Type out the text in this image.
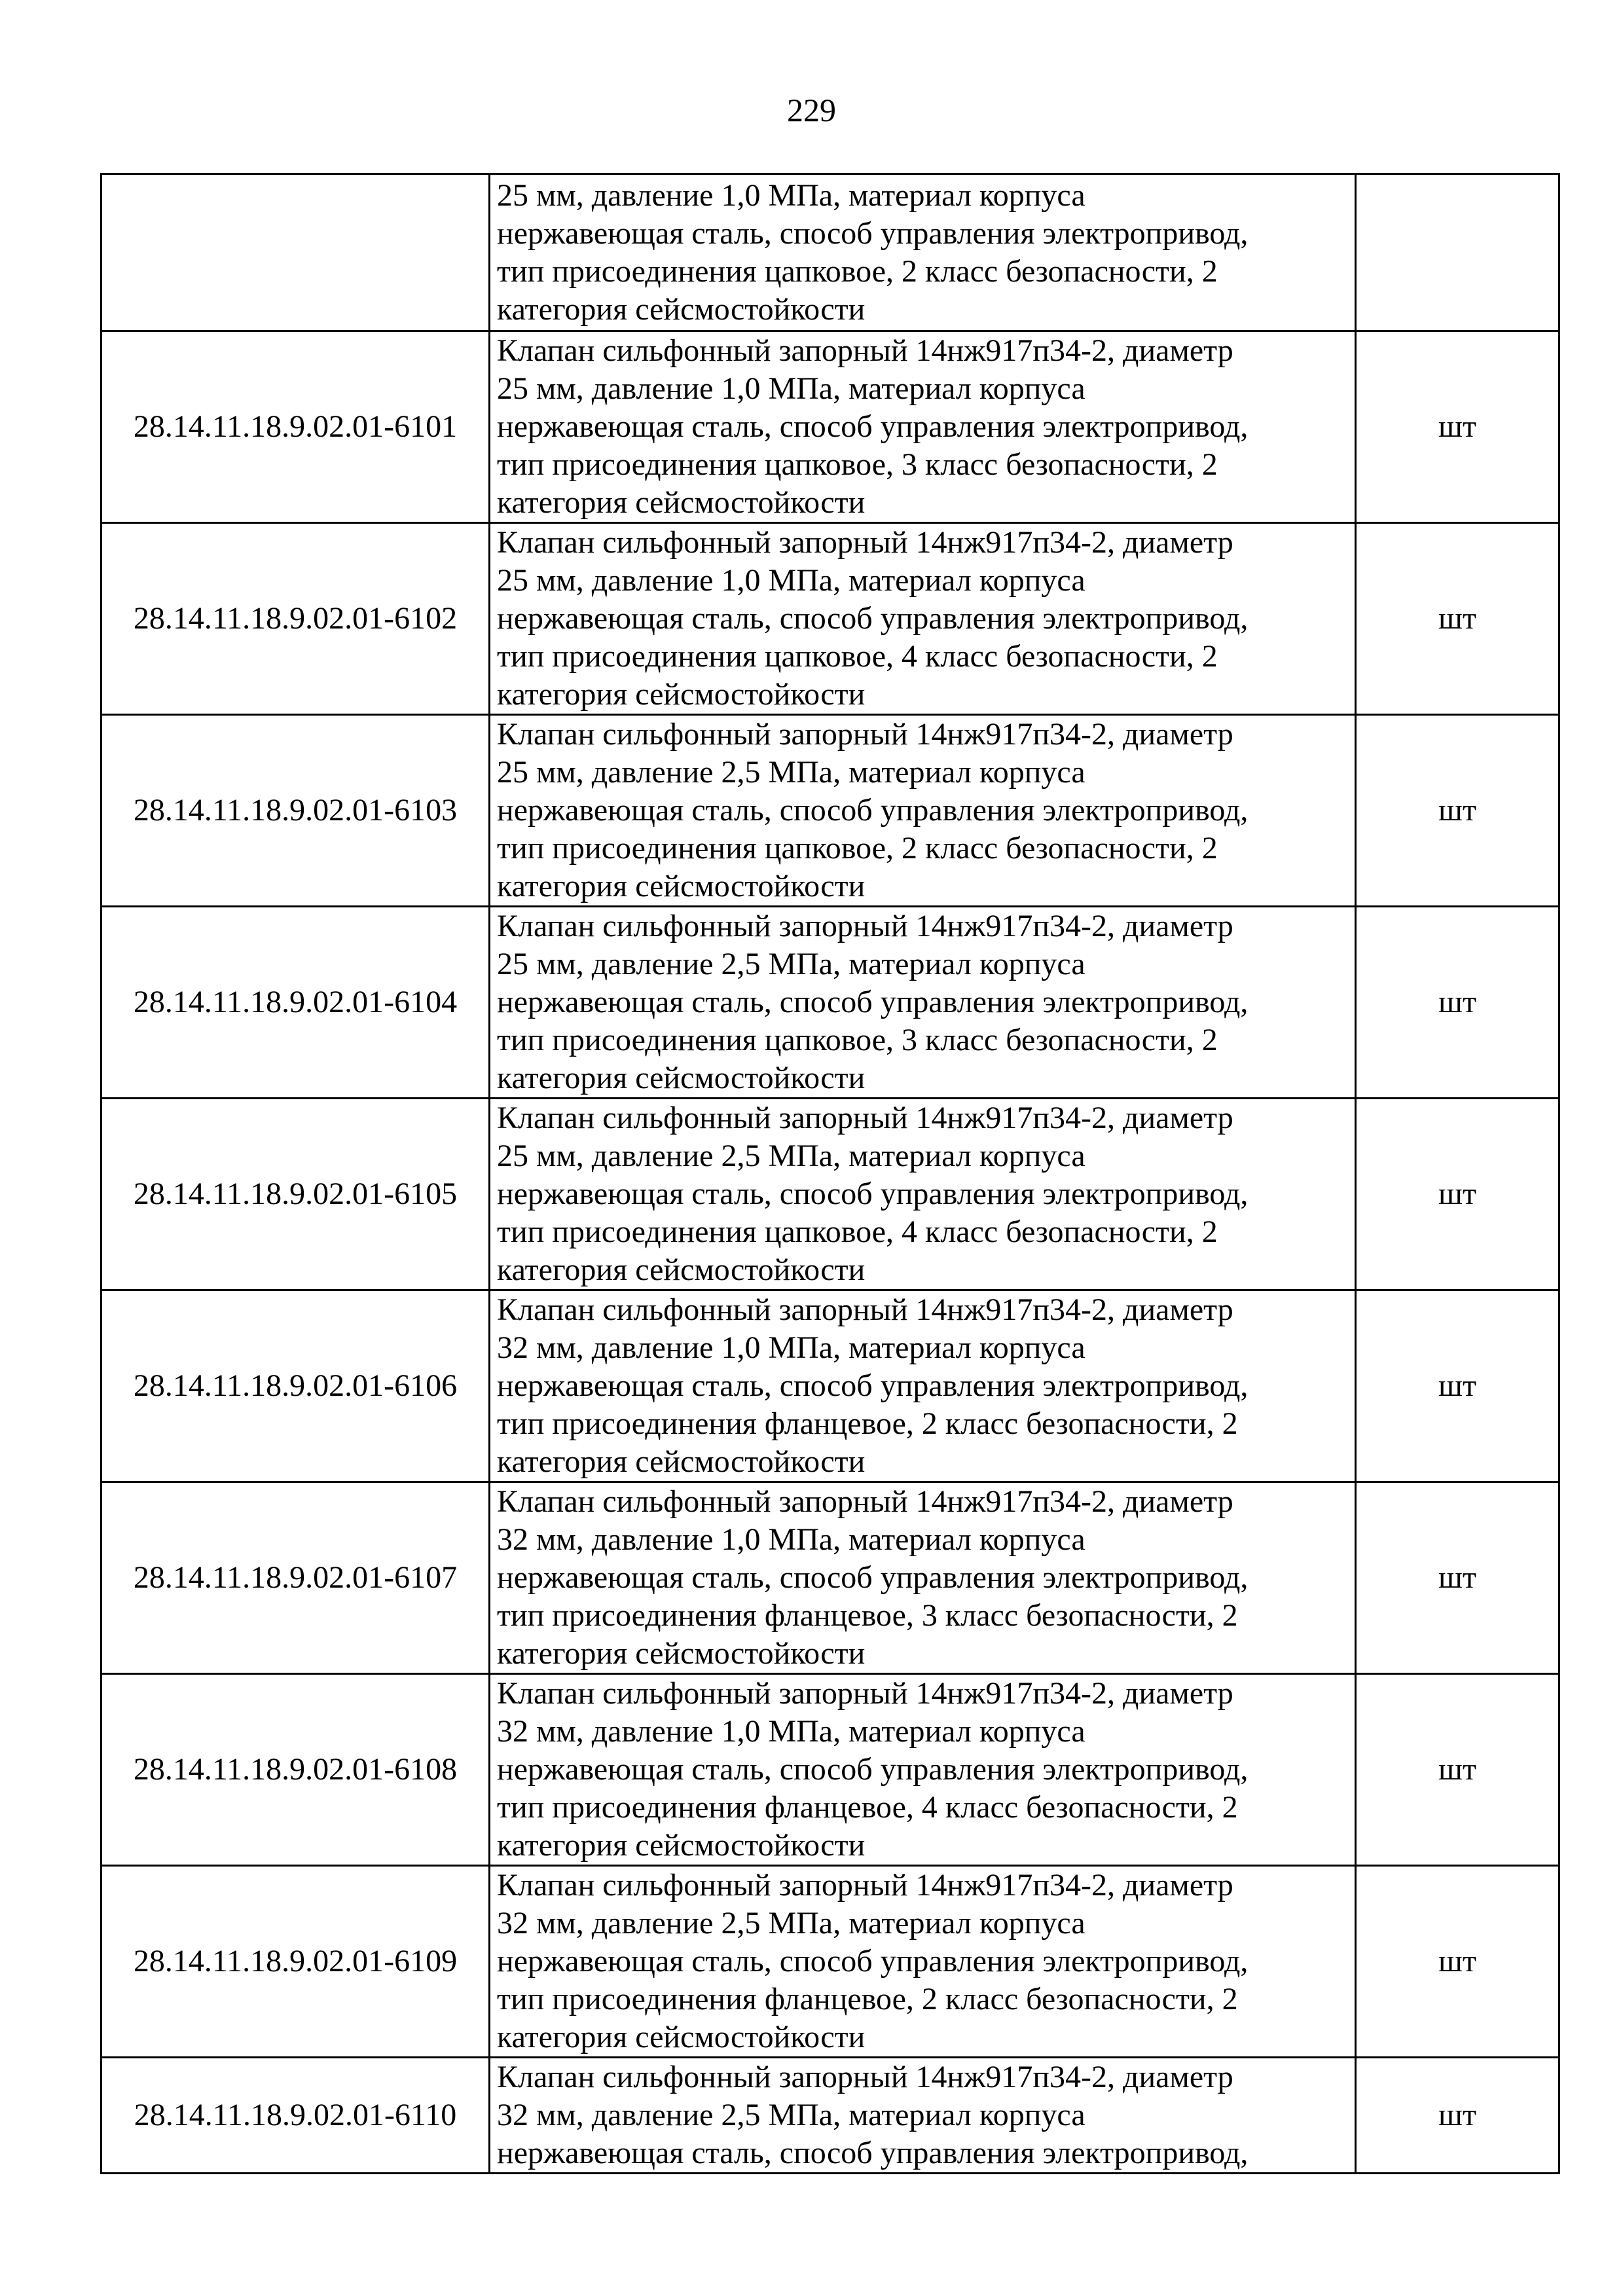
229

	25 мм, давление 1,0 МПа, материал корпуса
нержавеющая сталь, способ управления электропривод,
тип присоединения цапковое, 2 класс безопасности, 2
категория сейсмостойкости	

28.14.11.18.9.02.01-6101	Клапан сильфонный запорный 14нж917п34-2, диаметр
25 мм, давление 1,0 МПа, материал корпуса
нержавеющая сталь, способ управления электропривод,
тип присоединения цапковое, 3 класс безопасности, 2
категория сейсмостойкости	шт
28.14.11.18.9.02.01-6102	Клапан сильфонный запорный 14нж917п34-2, диаметр
25 мм, давление 1,0 МПа, материал корпуса
нержавеющая сталь, способ управления электропривод,
тип присоединения цапковое, 4 класс безопасности, 2
категория сейсмостойкости	шт
28.14.11.18.9.02.01-6103	Клапан сильфонный запорный 14нж917п34-2, диаметр
25 мм, давление 2,5 МПа, материал корпуса
нержавеющая сталь, способ управления электропривод,
тип присоединения цапковое, 2 класс безопасности, 2
категория сейсмостойкости	шт
28.14.11.18.9.02.01-6104	Клапан сильфонный запорный 14нж917п34-2, диаметр
25 мм, давление 2,5 МПа, материал корпуса
нержавеющая сталь, способ управления электропривод,
тип присоединения цапковое, 3 класс безопасности, 2
категория сейсмостойкости	шт
28.14.11.18.9.02.01-6105	Клапан сильфонный запорный 14нж917п34-2, диаметр
25 мм, давление 2,5 МПа, материал корпуса
нержавеющая сталь, способ управления электропривод,
тип присоединения цапковое, 4 класс безопасности, 2
категория сейсмостойкости	шт
28.14.11.18.9.02.01-6106	Клапан сильфонный запорный 14нж917п34-2, диаметр
32 мм, давление 1,0 МПа, материал корпуса
нержавеющая сталь, способ управления электропривод,
тип присоединения фланцевое, 2 класс безопасности, 2
категория сейсмостойкости	шт
28.14.11.18.9.02.01-6107	Клапан сильфонный запорный 14нж917п34-2, диаметр
32 мм, давление 1,0 МПа, материал корпуса
нержавеющая сталь, способ управления электропривод,
тип присоединения фланцевое, 3 класс безопасности, 2
категория сейсмостойкости	шт
28.14.11.18.9.02.01-6108	Клапан сильфонный запорный 14нж917п34-2, диаметр
32 мм, давление 1,0 МПа, материал корпуса
нержавеющая сталь, способ управления электропривод,
тип присоединения фланцевое, 4 класс безопасности, 2
категория сейсмостойкости	шт
28.14.11.18.9.02.01-6109	Клапан сильфонный запорный 14нж917п34-2, диаметр
32 мм, давление 2,5 МПа, материал корпуса
нержавеющая сталь, способ управления электропривод,
тип присоединения фланцевое, 2 класс безопасности, 2
категория сейсмостойкости	шт
28.14.11.18.9.02.01-6110	Клапан сильфонный запорный 14нж917п34-2, диаметр
32 мм, давление 2,5 МПа, материал корпуса
нержавеющая сталь, способ управления электропривод,	шт
